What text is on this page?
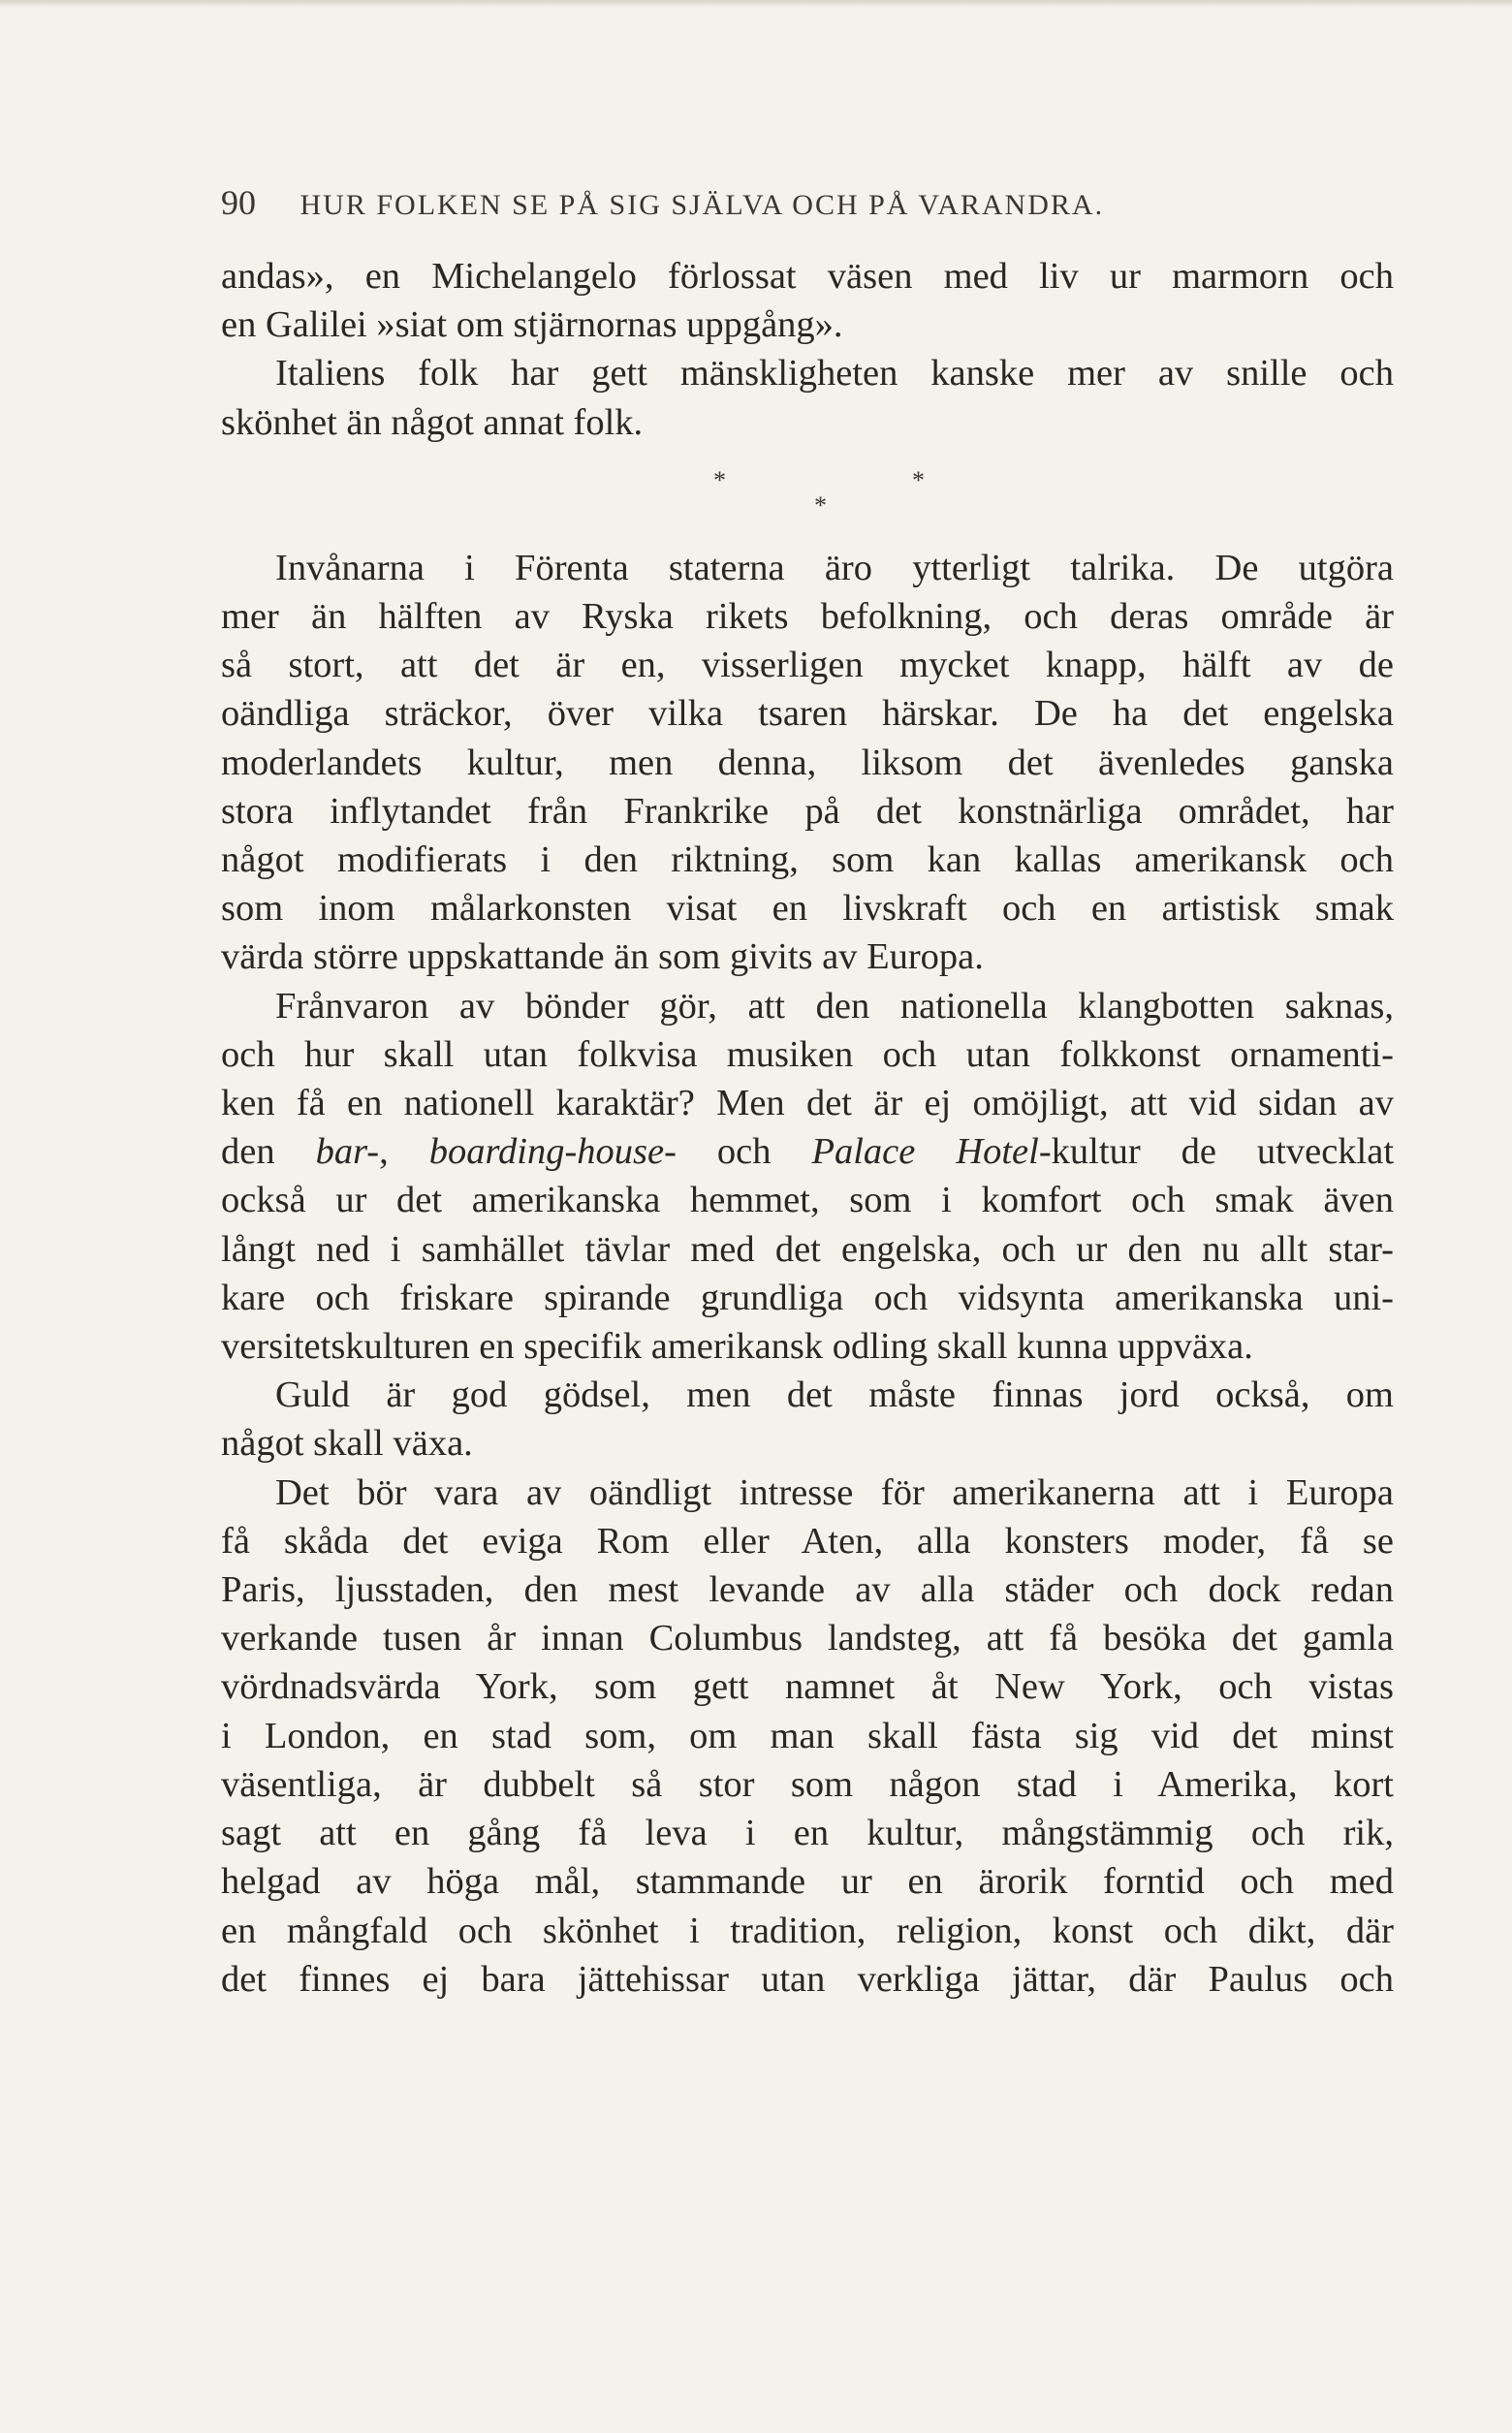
90 HUR FOLKEN SE PÅ SIG SJÄLVA OCH PÅ VARANDRA.

andas», en Michelangelo förlossat väsen med liv ur marmorn och
en Galilei »siat om stjärnornas uppgång».

Italiens folk har gett mänskligheten kanske mer av snille och
skönhet än något annat folk.

*
*
*

Invånarna i Förenta staterna äro ytterligt talrika. De utgöra
mer än hälften av Ryska rikets befolkning, och deras område är
så stort, att det är en, visserligen mycket knapp, hälft av de
oändliga sträckor, över vilka tsaren härskar. De ha det engelska
moderlandets kultur, men denna, liksom det ävenledes ganska
stora inflytandet från Frankrike på det konstnärliga området, har
något modifierats i den riktning, som kan kallas amerikansk och
som inom målarkonsten visat en livskraft och en artistisk smak
värda större uppskattande än som givits av Europa.

Frånvaron av bönder gör, att den nationella klangbotten saknas,
och hur skall utan folkvisa musiken och utan folkkonst ornamenti-
ken få en nationell karaktär? Men det är ej omöjligt, att vid sidan av
den bar-, boarding-house- och Palace Hotel-kultur de utvecklat
också ur det amerikanska hemmet, som i komfort och smak även
långt ned i samhället tävlar med det engelska, och ur den nu allt star-
kare och friskare spirande grundliga och vidsynta amerikanska uni-
versitetskulturen en specifik amerikansk odling skall kunna uppväxa.

Guld är god gödsel, men det måste finnas jord också, om
något skall växa.

Det bör vara av oändligt intresse för amerikanerna att i Europa
få skåda det eviga Rom eller Aten, alla konsters moder, få se
Paris, ljusstaden, den mest levande av alla städer och dock redan
verkande tusen år innan Columbus landsteg, att få besöka det gamla
vördnadsvärda York, som gett namnet åt New York, och vistas
i London, en stad som, om man skall fästa sig vid det minst
väsentliga, är dubbelt så stor som någon stad i Amerika, kort
sagt att en gång få leva i en kultur, mångstämmig och rik,
helgad av höga mål, stammande ur en ärorik forntid och med
en mångfald och skönhet i tradition, religion, konst och dikt, där
det finnes ej bara jättehissar utan verkliga jättar, där Paulus och
